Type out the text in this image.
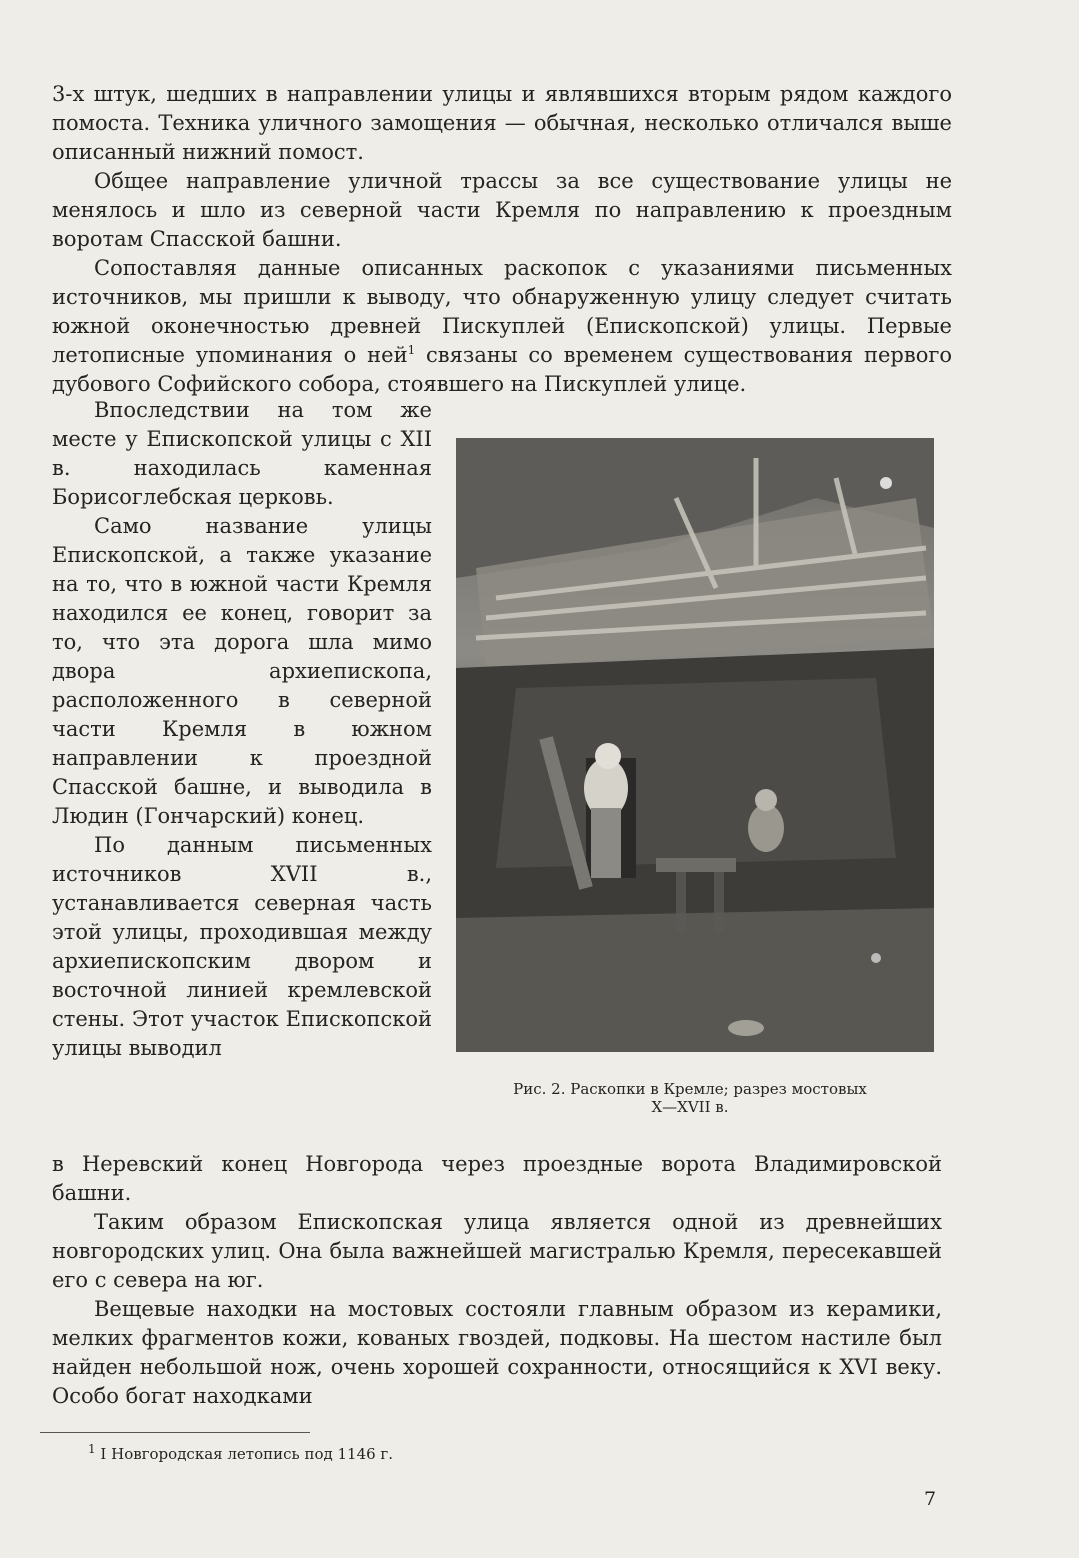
3-х штук, шедших в направлении улицы и являвшихся вторым рядом каждого помоста. Техника уличного замощения — обычная, несколько отличался выше описанный нижний помост.

Общее направление уличной трассы за все существование улицы не менялось и шло из северной части Кремля по направлению к проездным воротам Спасской башни.

Сопоставляя данные описанных раскопок с указаниями письменных источников, мы пришли к выводу, что обнаруженную улицу следует считать южной оконечностью древней Пискуплей (Епископской) улицы. Первые летописные упоминания о ней$^1$ связаны со временем существования первого дубового Софийского собора, стоявшего на Пискуплей улице.

Впоследствии на том же месте у Епископской улицы с XII в. находилась каменная Борисоглебская церковь.

Само название улицы Епископской, а также указание на то, что в южной части Кремля находился ее конец, говорит за то, что эта дорога шла мимо двора архиепископа, расположенного в северной части Кремля в южном направлении к проездной Спасской башне, и выводила в Людин (Гончарский) конец.

По данным письменных источников XVII в., устанавливается северная часть этой улицы, проходившая между архиепископским двором и восточной линией кремлевской стены. Этот участок Епископской улицы выводил

Рис. 2. Раскопки в Кремле; разрез мостовых
X—XVII в.

в Неревский конец Новгорода через проездные ворота Владимировской башни.

Таким образом Епископская улица является одной из древнейших новгородских улиц. Она была важнейшей магистралью Кремля, пересекавшей его с севера на юг.

Вещевые находки на мостовых состояли главным образом из керамики, мелких фрагментов кожи, кованых гвоздей, подковы. На шестом настиле был найден небольшой нож, очень хорошей сохранности, относящийся к XVI веку. Особо богат находками

$^1$ I Новгородская летопись под 1146 г.
7
